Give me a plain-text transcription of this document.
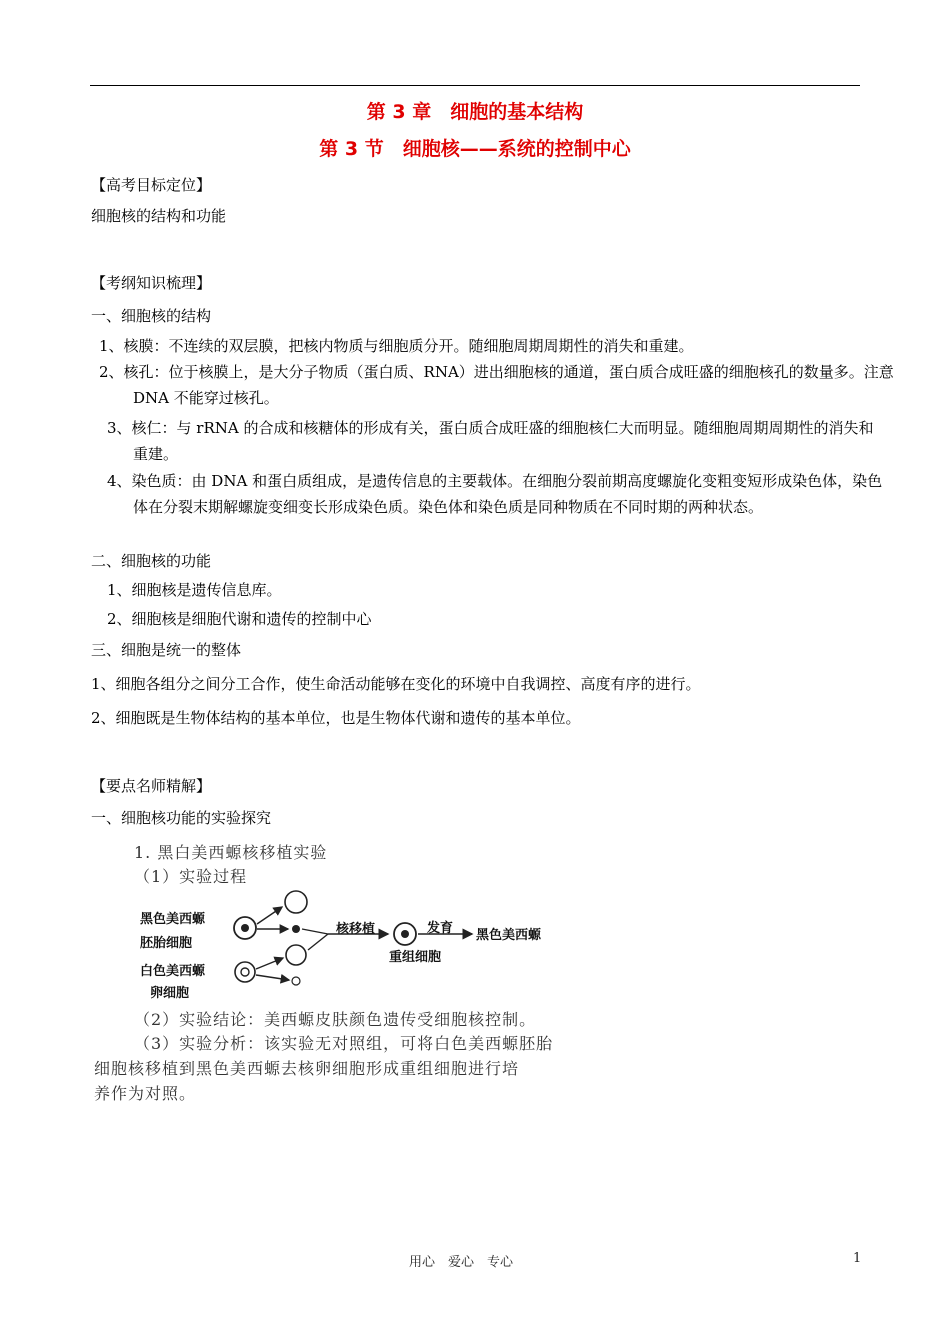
第 3 章　细胞的基本结构
第 3 节　细胞核——系统的控制中心
【高考目标定位】
细胞核的结构和功能
【考纲知识梳理】
一、细胞核的结构
1、核膜：不连续的双层膜，把核内物质与细胞质分开。随细胞周期周期性的消失和重建。
2、核孔：位于核膜上，是大分子物质（蛋白质、RNA）进出细胞核的通道，蛋白质合成旺盛的细胞核孔的数量多。注意 DNA 不能穿过核孔。
3、核仁：与 rRNA 的合成和核糖体的形成有关，蛋白质合成旺盛的细胞核仁大而明显。随细胞周期周期性的消失和重建。
4、染色质：由 DNA 和蛋白质组成，是遗传信息的主要载体。在细胞分裂前期高度螺旋化变粗变短形成染色体，染色体在分裂末期解螺旋变细变长形成染色质。染色体和染色质是同种物质在不同时期的两种状态。
二、细胞核的功能
1、细胞核是遗传信息库。
2、细胞核是细胞代谢和遗传的控制中心
三、细胞是统一的整体
1、细胞各组分之间分工合作，使生命活动能够在变化的环境中自我调控、高度有序的进行。
2、细胞既是生物体结构的基本单位，也是生物体代谢和遗传的基本单位。
【要点名师精解】
一、细胞核功能的实验探究
1. 黑白美西螈核移植实验
（1）实验过程
黑色美西螈
胚胎细胞
白色美西螈
卵细胞
核移植	发育
重组细胞
黑色美西螈
（2）实验结论：美西螈皮肤颜色遗传受细胞核控制。
（3）实验分析：该实验无对照组，可将白色美西螈胚胎
细胞核移植到黑色美西螈去核卵细胞形成重组细胞进行培
养作为对照。
用心　爱心　专心	1
